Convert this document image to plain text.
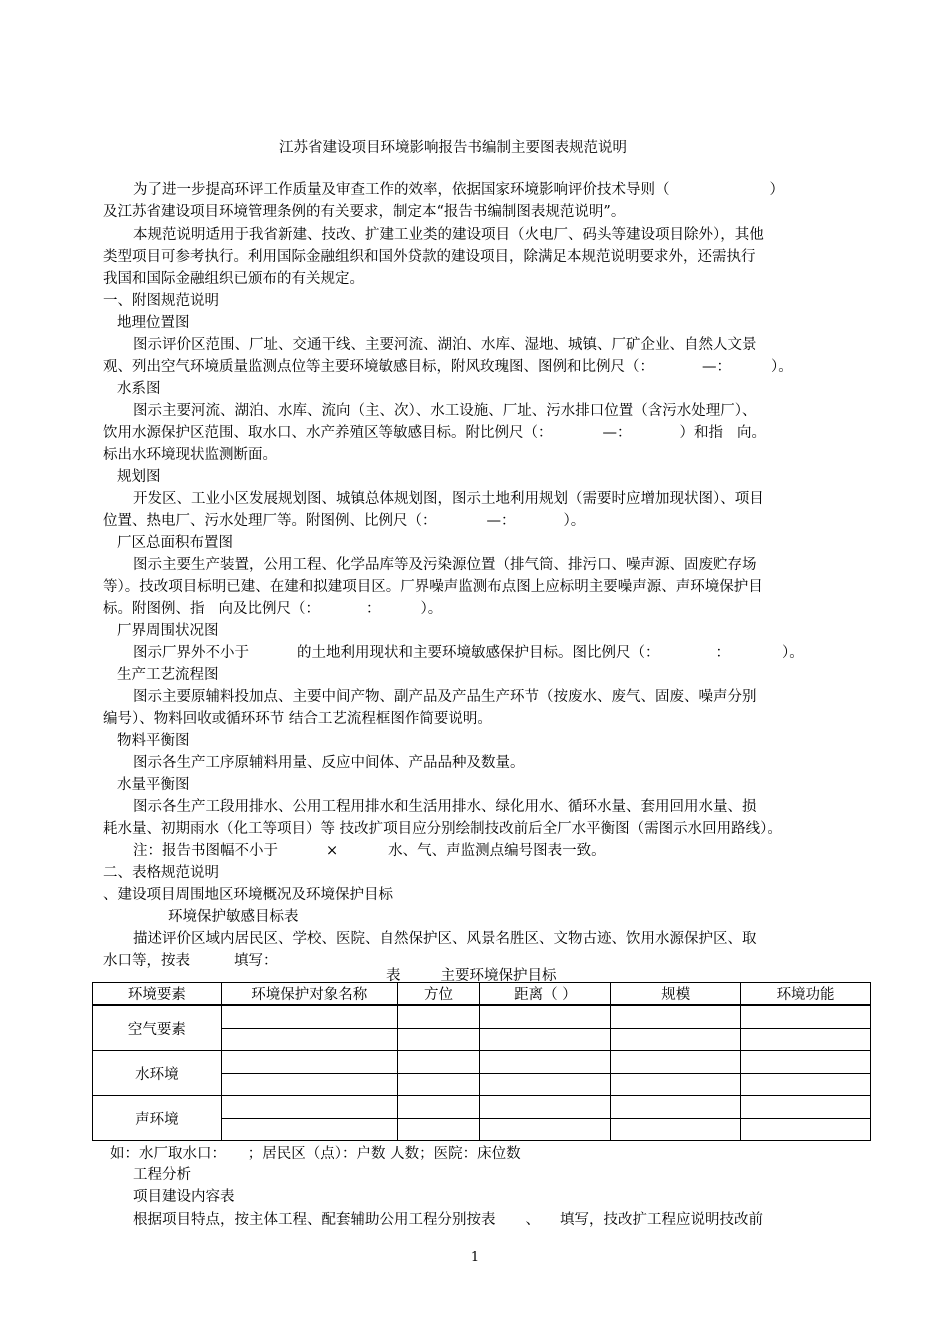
江苏省建设项目环境影响报告书编制主要图表规范说明
为了进一步提高环评工作质量及审查工作的效率，依据国家环境影响评价技术导则（	）
及江苏省建设项目环境管理条例的有关要求，制定本“报告书编制图表规范说明”。
本规范说明适用于我省新建、技改、扩建工业类的建设项目（火电厂、码头等建设项目除外），其他
类型项目可参考执行。利用国际金融组织和国外贷款的建设项目，除满足本规范说明要求外，还需执行
我国和国际金融组织已颁布的有关规定。
一、附图规范说明
地理位置图
图示评价区范围、厂址、交通干线、主要河流、湖泊、水库、湿地、城镇、厂矿企业、自然人文景
观、列出空气环境质量监测点位等主要环境敏感目标，附风玫瑰图、图例和比例尺（：	—：	）。
水系图
图示主要河流、湖泊、水库、流向（主、次）、水工设施、厂址、污水排口位置（含污水处理厂）、
饮用水源保护区范围、取水口、水产养殖区等敏感目标。附比例尺（：	—：	）和指 向。
标出水环境现状监测断面。
规划图
开发区、工业小区发展规划图、城镇总体规划图，图示土地利用规划（需要时应增加现状图）、项目
位置、热电厂、污水处理厂等。附图例、比例尺（：	—：	）。
厂区总面积布置图
图示主要生产装置，公用工程、化学品库等及污染源位置（排气筒、排污口、噪声源、固废贮存场
等）。技改项目标明已建、在建和拟建项目区。厂界噪声监测布点图上应标明主要噪声源、声环境保护目
标。附图例、指 向及比例尺（：	：	）。
厂界周围状况图
图示厂界外不小于	的土地利用现状和主要环境敏感保护目标。图比例尺（：	：	）。
生产工艺流程图
图示主要原辅料投加点、主要中间产物、副产品及产品生产环节（按废水、废气、固废、噪声分别
编号）、物料回收或循环环节 结合工艺流程框图作简要说明。
物料平衡图
图示各生产工序原辅料用量、反应中间体、产品品种及数量。
水量平衡图
图示各生产工段用排水、公用工程用排水和生活用排水、绿化用水、循环水量、套用回用水量、损
耗水量、初期雨水（化工等项目）等 技改扩项目应分别绘制技改前后全厂水平衡图（需图示水回用路线）。
注：报告书图幅不小于	×	水、气、声监测点编号图表一致。
二、表格规范说明
、建设项目周围地区环境概况及环境保护目标
环境保护敏感目标表
描述评价区域内居民区、学校、医院、自然保护区、风景名胜区、文物古迹、饮用水源保护区、取
水口等，按表	填写：
表	主要环境保护目标
环境要素	环境保护对象名称	方位	距离（ ）	规模	环境功能
空气要素					

水环境					

声环境					

如：水厂取水口：　　；居民区（点）：户数 人数；医院：床位数
工程分析
项目建设内容表
根据项目特点，按主体工程、配套辅助公用工程分别按表 、 填写，技改扩工程应说明技改前
1
